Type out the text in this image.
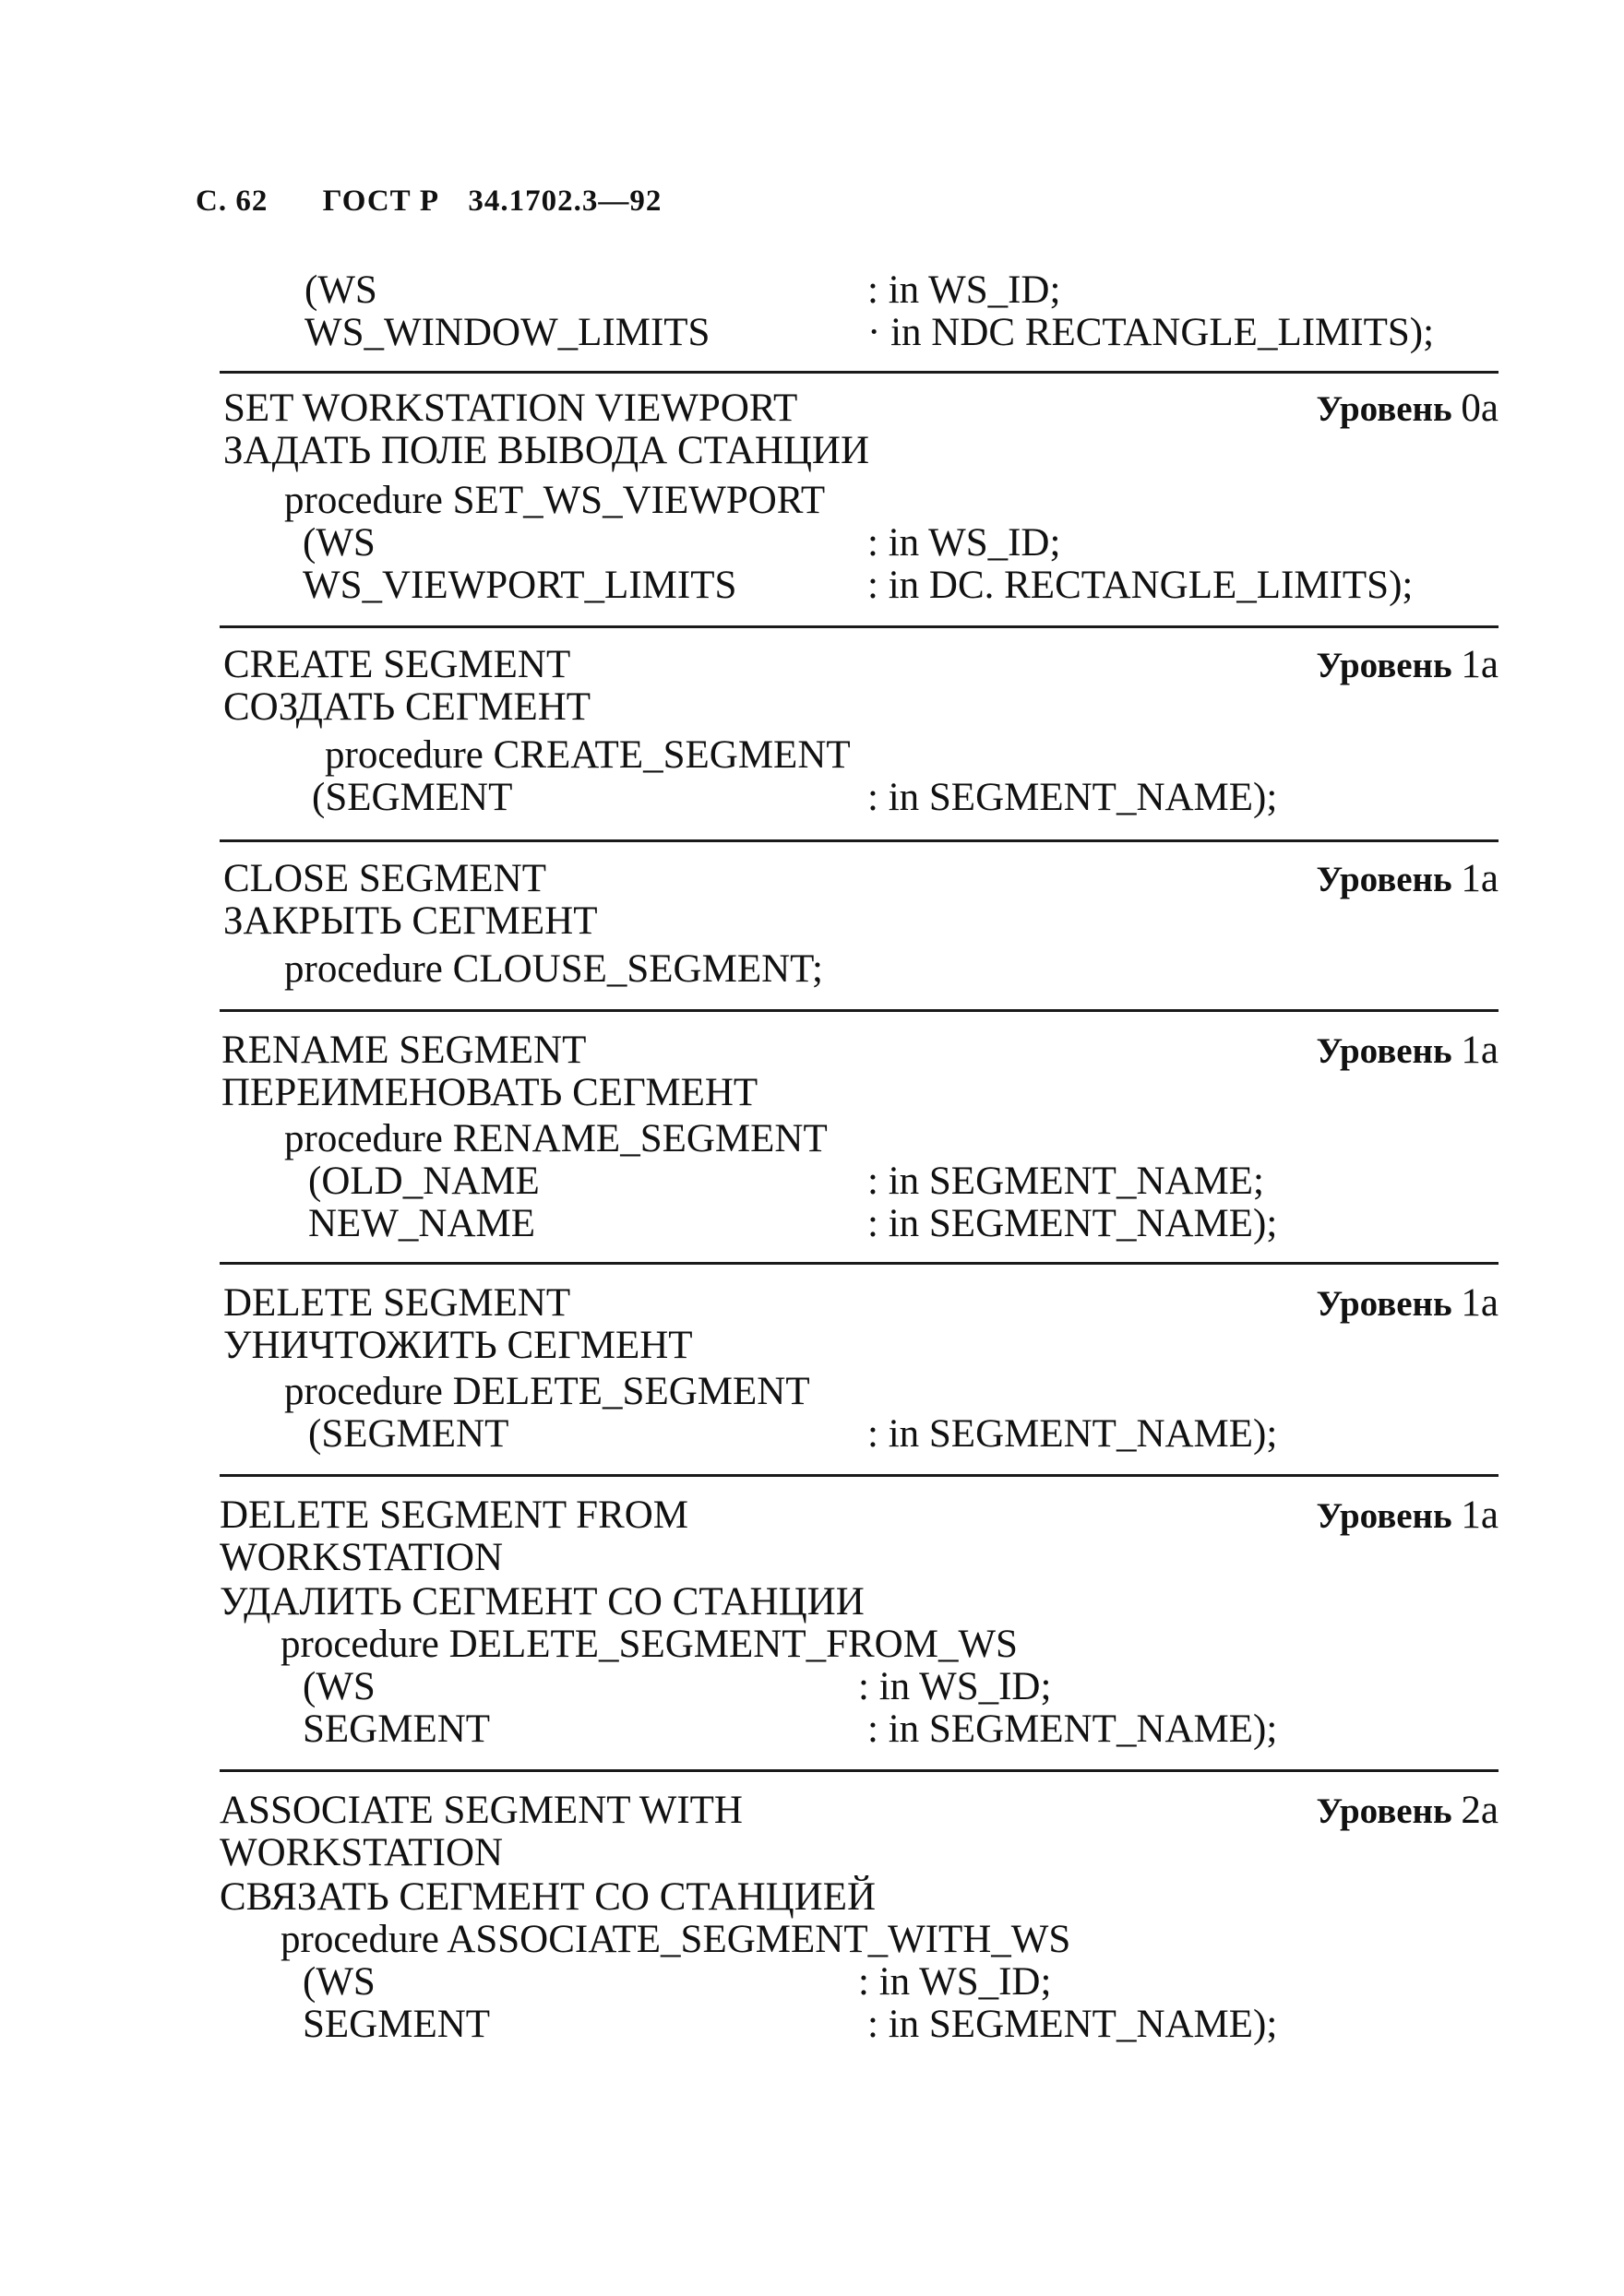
С. 62 ГОСТ Р 34.1702.3—92
(WS	: in WS_ID;
WS_WINDOW_LIMITS	· in NDC RECTANGLE_LIMITS);
SET WORKSTATION VIEWPORT	Уровень 0a
ЗАДАТЬ ПОЛЕ ВЫВОДА СТАНЦИИ
procedure SET_WS_VIEWPORT
(WS	: in WS_ID;
WS_VIEWPORT_LIMITS	: in DC. RECTANGLE_LIMITS);
CREATE SEGMENT	Уровень 1a
СОЗДАТЬ СЕГМЕНТ
procedure CREATE_SEGMENT
(SEGMENT	: in SEGMENT_NAME);
CLOSE SEGMENT	Уровень 1a
ЗАКРЫТЬ СЕГМЕНТ
procedure CLOUSE_SEGMENT;
RENAME SEGMENT	Уровень 1a
ПЕРЕИМЕНОВАТЬ СЕГМЕНТ
procedure RENAME_SEGMENT
(OLD_NAME	: in SEGMENT_NAME;
NEW_NAME	: in SEGMENT_NAME);
DELETE SEGMENT	Уровень 1a
УНИЧТОЖИТЬ СЕГМЕНТ
procedure DELETE_SEGMENT
(SEGMENT	: in SEGMENT_NAME);
DELETE SEGMENT FROM	Уровень 1a
WORKSTATION
УДАЛИТЬ СЕГМЕНТ СО СТАНЦИИ
procedure DELETE_SEGMENT_FROM_WS
(WS	: in WS_ID;
SEGMENT	: in SEGMENT_NAME);
ASSOCIATE SEGMENT WITH	Уровень 2a
WORKSTATION
СВЯЗАТЬ СЕГМЕНТ СО СТАНЦИЕЙ
procedure ASSOCIATE_SEGMENT_WITH_WS
(WS	: in WS_ID;
SEGMENT	: in SEGMENT_NAME);
